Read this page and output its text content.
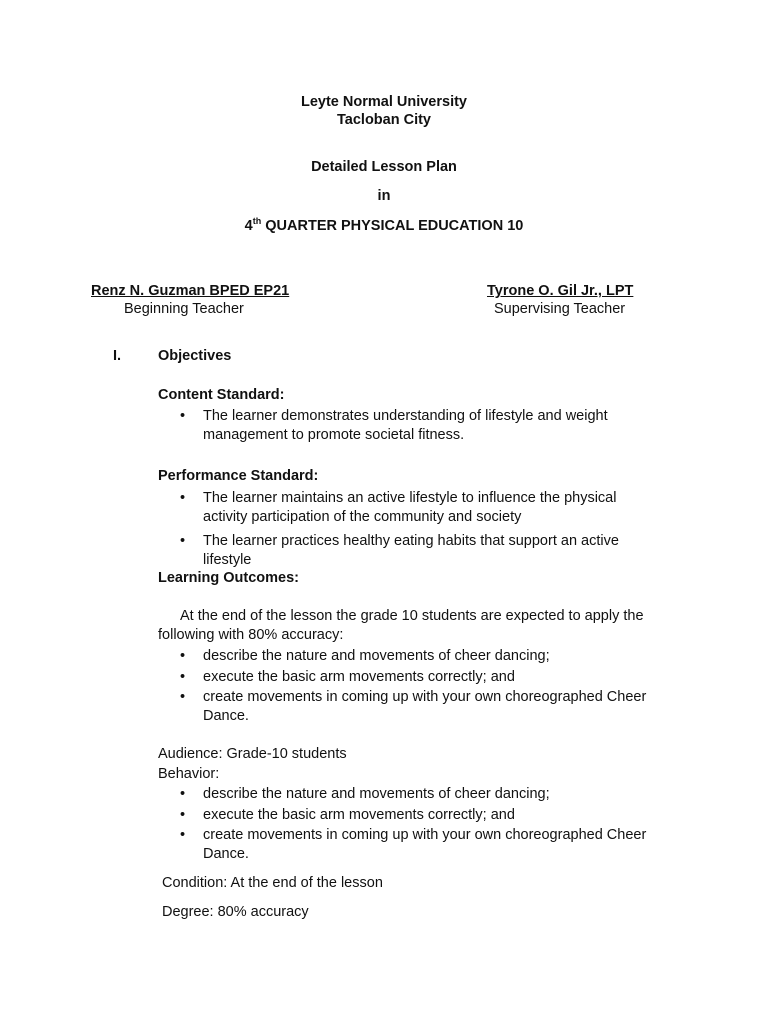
Leyte Normal University
Tacloban City
Detailed Lesson Plan
in
4th QUARTER PHYSICAL EDUCATION 10
Renz N. Guzman BPED EP21
Beginning Teacher
Tyrone O. Gil Jr., LPT
Supervising Teacher
I.	Objectives
Content Standard:
•	The learner demonstrates understanding of lifestyle and weight management to promote societal fitness.
Performance Standard:
•	The learner maintains an active lifestyle to influence the physical activity participation of the community and society
•	The learner practices healthy eating habits that support an active lifestyle
Learning Outcomes:
At the end of the lesson the grade 10 students are expected to apply the
following with 80% accuracy:
•	describe the nature and movements of cheer dancing;
•	execute the basic arm movements correctly; and
•	create movements in coming up with your own choreographed Cheer Dance.
Audience: Grade-10 students
Behavior:
•	describe the nature and movements of cheer dancing;
•	execute the basic arm movements correctly; and
•	create movements in coming up with your own choreographed Cheer Dance.
Condition: At the end of the lesson
Degree: 80% accuracy
